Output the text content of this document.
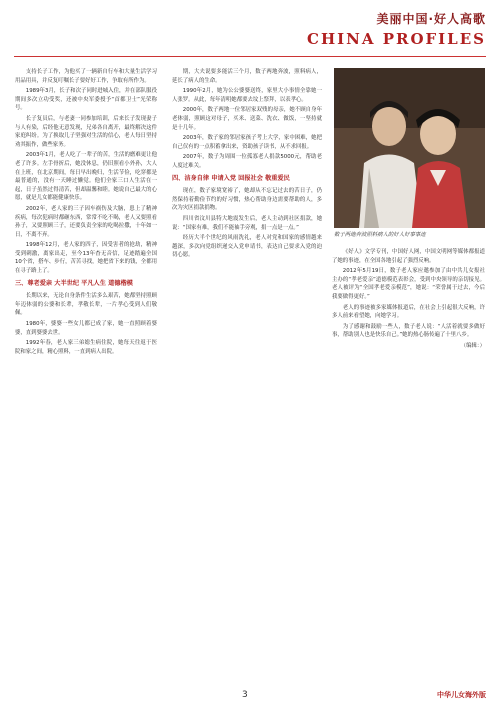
美丽中国·好人高歌
CHINA PROFILES

支持长子工作，为他买了一辆新自行车和大量生活学习用品用具，并反复叮嘱长子要好好工作，争取有所作为。

1989年3月，长子和次子同时进城入住，并在部队服役期间多次立功受奖，还被中央军委授予“首都卫士”光荣称号。

长子复员后，与老妻一同参加培训，后来长子发现妻子与人有染，后经他无意发现，兄弟各自离开，最终解决这件家庭纠纷。为了换取儿子坚强对生活的信心，老人每日坚持劝其振作，做些家务。

2003年1月，老人吃了一辈子的苦，生活的磨难更让他老了许多。左手骨折后，她没休息，仍旧照看小外孙，大人在上班，在北京期间，每日早出晚归，生活节俭，吃穿都是最普通的，没有一天睡过懒觉。他们全家三口人生活在一起，日子虽然过得清苦，但却温馨和睦。她说自己最大的心愿，就是儿女都能健康快乐。

2002年，老人家的三子因车祸伤及大脑，患上了精神疾病，每次犯病时都砸东西，常常不吃不喝，老人又要照看孙子，又要照顾三子，还要负责全家的吃喝拉撒，十年如一日，不离不弃。

1998年12月，老人家的四子，因受害者的抢劫，精神受到刺激，离家出走，至今13年杳无音信，足迹踏遍全国10个省，搭车、步行，苦苦寻找，她把省下来的钱，全都用在寻子路上了。

三、尊老爱亲 大半世纪 平凡人生 道德楷模

长期以来，无论自身条件生活多么艰苦，她都坚持照顾年迈体弱的公婆和长辈，孝敬长辈，一片孝心受到人们敬佩。

1980年，婆婆一些女儿都已成了家，她一直照顾着婆婆，直到婆婆去世。

1992年春，老人家三弟媳生病住院，她每天往返于医院和家之间，精心照料，一直到病人出院。

期，大夫说要多能活三个月，数子两地奔波，照料病人，延长了病人的生命。

1990年2月，她为公公婆婆送终，家里大小事情全靠她一人张罗。从此，每年清明她都要去坟上祭拜，以表孝心。

2000年，数子两地一位邻居家双残的母亲，她不顾自身年老体弱，照顾这对母子，买米、送菜、洗衣、做饭，一坚持就是十几年。

2003年，数子家的邻居家孩子考上大学，家中困难，她把自己仅有的一点积蓄拿出来，资助孩子读书，从不求回报。

2007年，数子为周围一位孤寡老人捐款5000元，帮助老人度过难关。

四、洁身自律 申请入党 回报社会 敬重爱民

现在，数子家境宽裕了，她却从不忘记过去的苦日子，仍然保持着勤俭节约的好习惯，热心帮助身边需要帮助的人，多次为灾区捐款捐物。

四川省汶川县特大地震发生后，老人主动到社区捐款，她说：“国家有难，我们不能袖手旁观，捐一点是一点。”

经历大半个世纪的风雨洗礼，老人对党和国家的感情越来越深，多次向党组织递交入党申请书，表达自己要求入党的迫切心愿。

数子两地奔波照料病人的好人好事事迹

《好人》文学专刊，中国好人网，中国文明网等媒体都报道了她的事迹，在全国各地引起了强烈反响。

2012年5月19日，数子老人家应邀参加了由中共儿女报社主办的“孝老爱亲”道德模范表彰会，受到中央领导的亲切接见。老人被评为“全国孝老爱亲模范”，她说：“荣誉属于过去，今后我要做得更好。”

老人的事迹被多家媒体报道后，在社会上引起很大反响，许多人前来看望她，向她学习。

为了感谢和鼓励一些人，数子老人说：“人活着就要多做好事，帮助别人也是快乐自己。”她的热心肠传遍了十里八乡。

（编辑：）

3	中华儿女海外版
